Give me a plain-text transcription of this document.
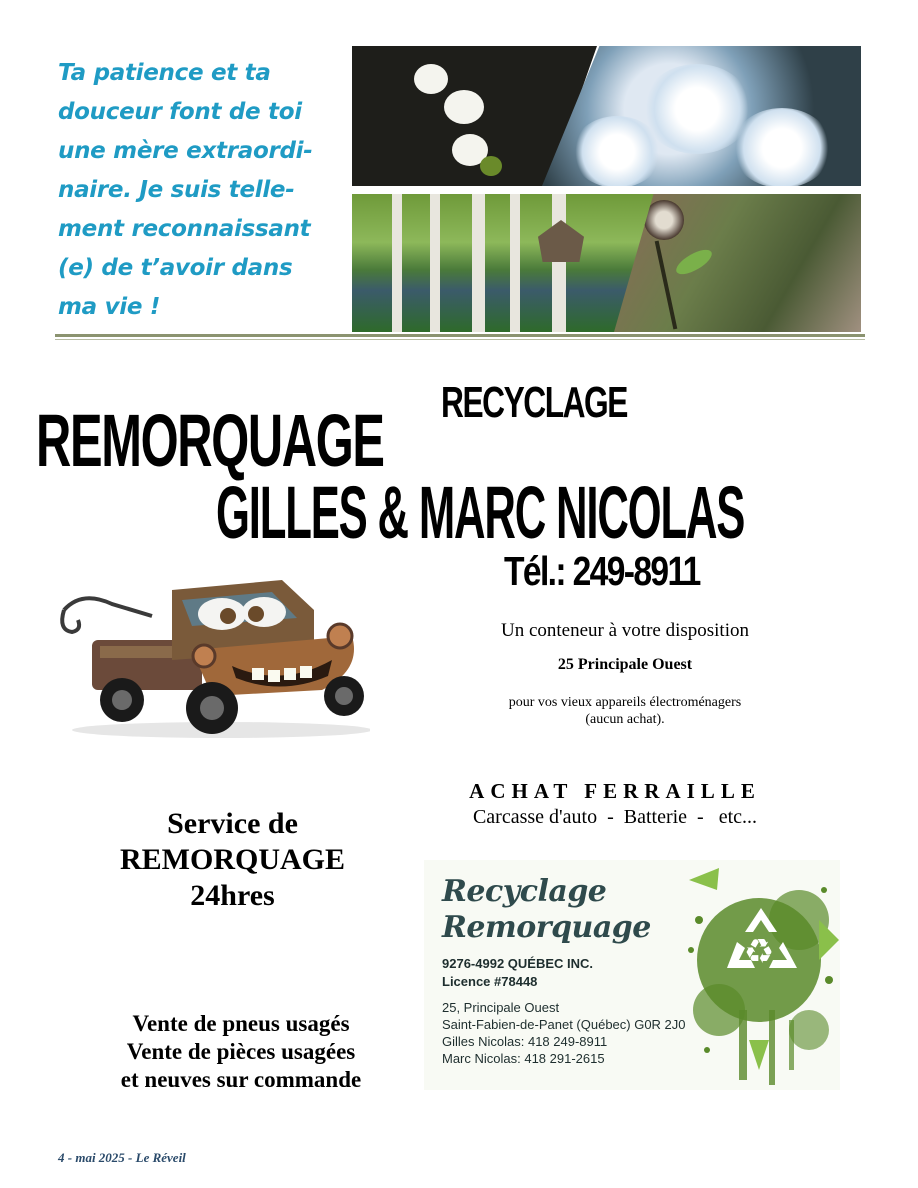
Ta patience et ta
douceur font de toi
une mère extraordi-
naire. Je suis telle-
ment reconnaissant
(e) de t’avoir dans
ma vie !
RECYCLAGE
REMORQUAGE
GILLES & MARC NICOLAS
Tél.: 249-8911
Un conteneur à votre disposition
25 Principale Ouest
pour vos vieux appareils électroménagers
(aucun achat).
ACHAT FERRAILLE
Carcasse d'auto  -  Batterie  -   etc...
Service de
REMORQUAGE
24hres
Vente de pneus usagés
Vente de pièces usagées
et neuves sur commande
♻
Recyclage
Remorquage
9276-4992 QUÉBEC INC.
Licence #78448
25, Principale Ouest
Saint-Fabien-de-Panet (Québec) G0R 2J0
Gilles Nicolas: 418 249-8911
Marc Nicolas: 418 291-2615
4 - mai 2025 - Le Réveil
